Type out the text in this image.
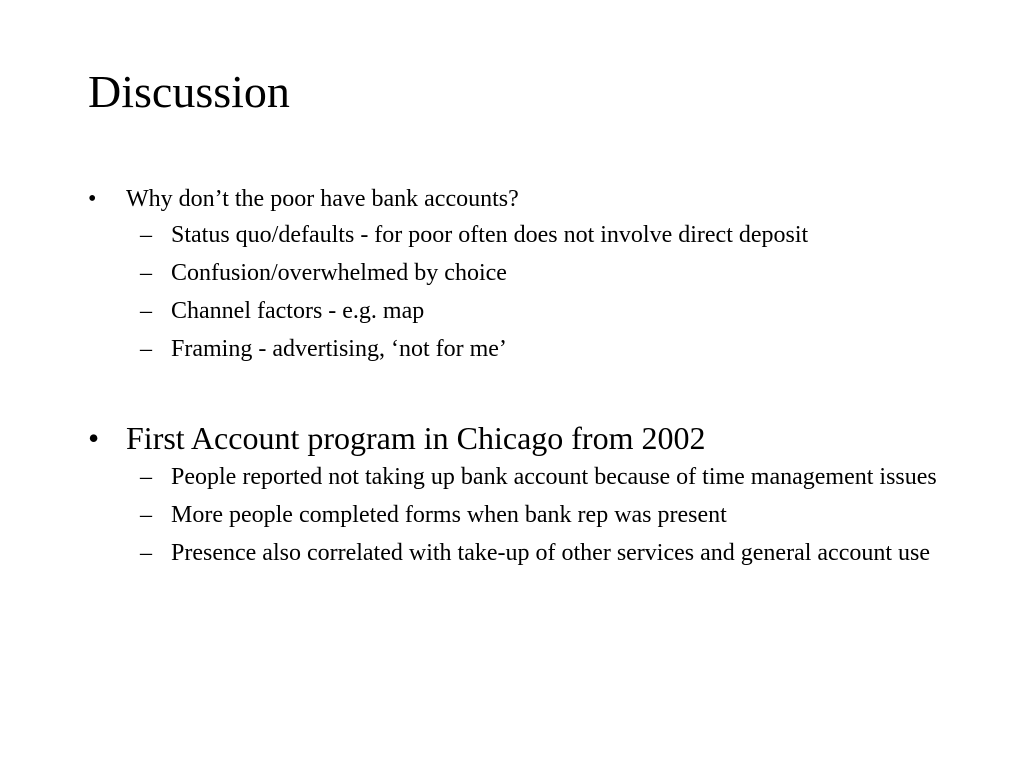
Discussion
• Why don’t the poor have bank accounts?
– Status quo/defaults - for poor often does not involve direct deposit
– Confusion/overwhelmed by choice
– Channel factors - e.g. map
– Framing - advertising, ‘not for me’
• First Account program in Chicago from 2002
– People reported not taking up bank account because of time management issues
– More people completed forms when bank rep was present
– Presence also correlated with take-up of other services and general account use
